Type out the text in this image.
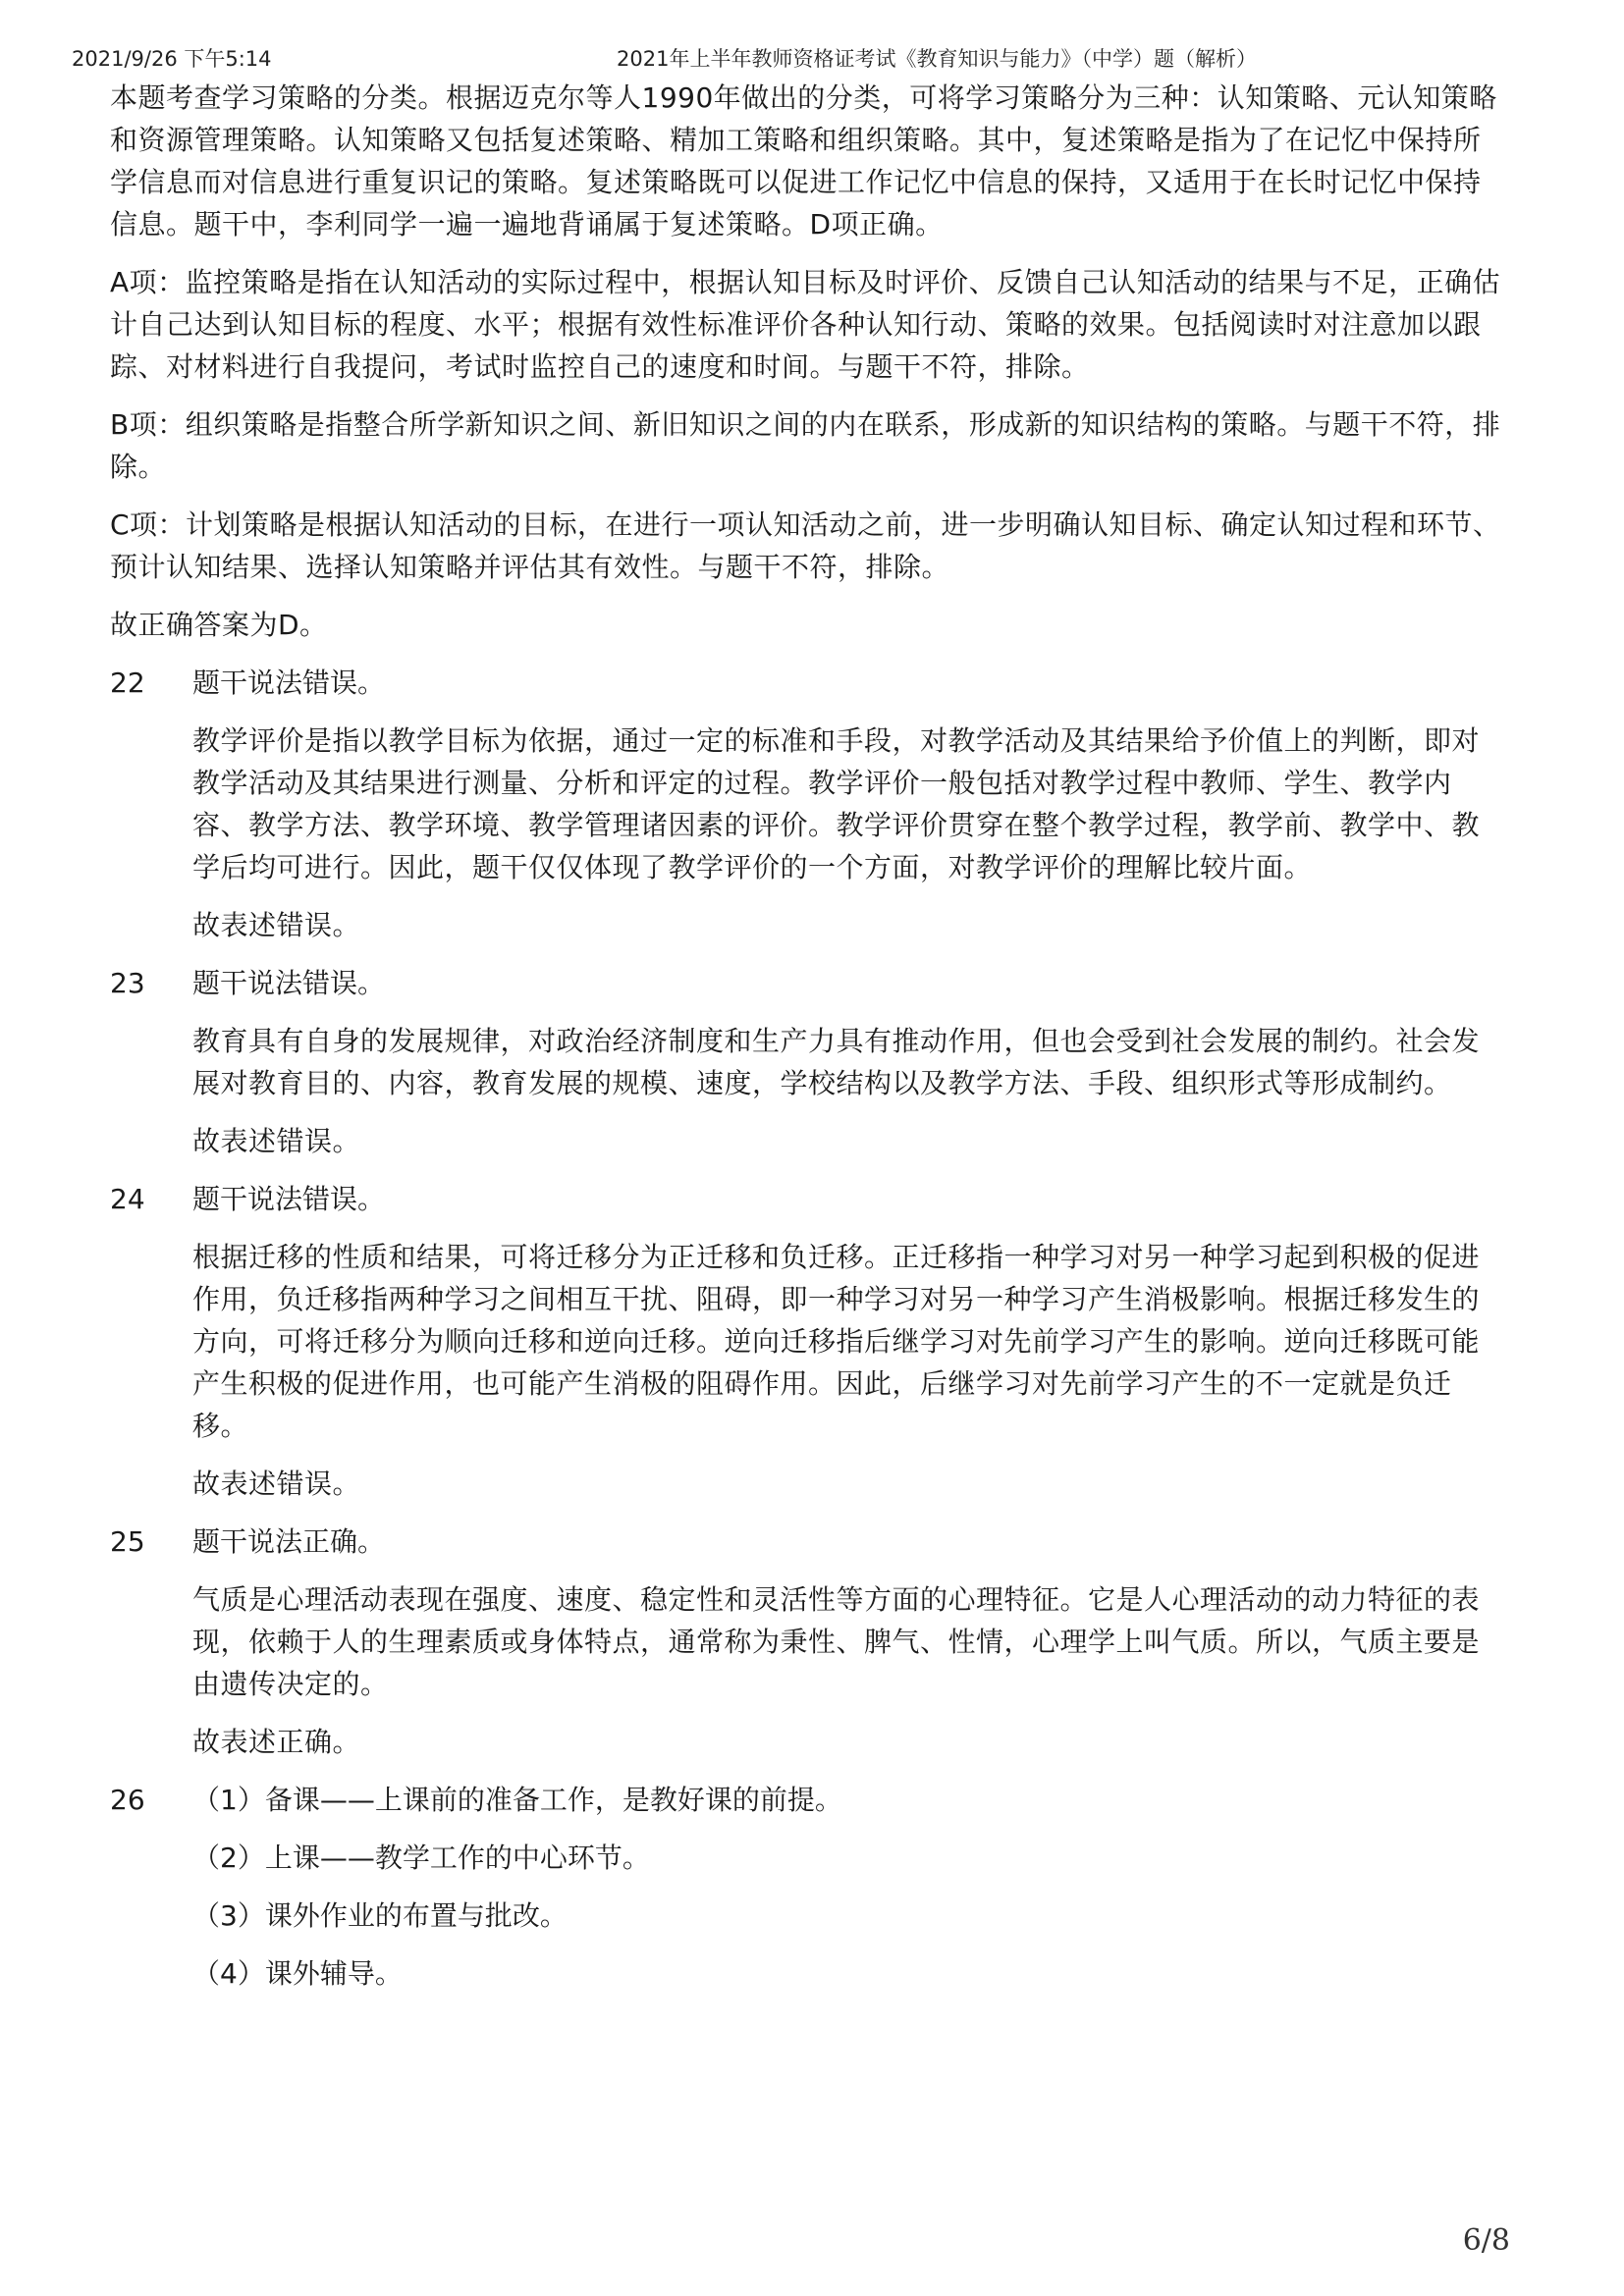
2021/9/26 下午5:14	2021年上半年教师资格证考试《教育知识与能力》（中学）题（解析）

本题考查学习策略的分类。根据迈克尔等人1990年做出的分类，可将学习策略分为三种：认知策略、元认知策略和资源管理策略。认知策略又包括复述策略、精加工策略和组织策略。其中，复述策略是指为了在记忆中保持所学信息而对信息进行重复识记的策略。复述策略既可以促进工作记忆中信息的保持，又适用于在长时记忆中保持信息。题干中，李利同学一遍一遍地背诵属于复述策略。D项正确。

A项：监控策略是指在认知活动的实际过程中，根据认知目标及时评价、反馈自己认知活动的结果与不足，正确估计自己达到认知目标的程度、水平；根据有效性标准评价各种认知行动、策略的效果。包括阅读时对注意加以跟踪、对材料进行自我提问，考试时监控自己的速度和时间。与题干不符，排除。

B项：组织策略是指整合所学新知识之间、新旧知识之间的内在联系，形成新的知识结构的策略。与题干不符，排除。

C项：计划策略是根据认知活动的目标，在进行一项认知活动之前，进一步明确认知目标、确定认知过程和环节、预计认知结果、选择认知策略并评估其有效性。与题干不符，排除。

故正确答案为D。

22	题干说法错误。

教学评价是指以教学目标为依据，通过一定的标准和手段，对教学活动及其结果给予价值上的判断，即对教学活动及其结果进行测量、分析和评定的过程。教学评价一般包括对教学过程中教师、学生、教学内容、教学方法、教学环境、教学管理诸因素的评价。教学评价贯穿在整个教学过程，教学前、教学中、教学后均可进行。因此，题干仅仅体现了教学评价的一个方面，对教学评价的理解比较片面。

故表述错误。

23	题干说法错误。

教育具有自身的发展规律，对政治经济制度和生产力具有推动作用，但也会受到社会发展的制约。社会发展对教育目的、内容，教育发展的规模、速度，学校结构以及教学方法、手段、组织形式等形成制约。

故表述错误。

24	题干说法错误。

根据迁移的性质和结果，可将迁移分为正迁移和负迁移。正迁移指一种学习对另一种学习起到积极的促进作用，负迁移指两种学习之间相互干扰、阻碍，即一种学习对另一种学习产生消极影响。根据迁移发生的方向，可将迁移分为顺向迁移和逆向迁移。逆向迁移指后继学习对先前学习产生的影响。逆向迁移既可能产生积极的促进作用，也可能产生消极的阻碍作用。因此，后继学习对先前学习产生的不一定就是负迁移。

故表述错误。

25	题干说法正确。

气质是心理活动表现在强度、速度、稳定性和灵活性等方面的心理特征。它是人心理活动的动力特征的表现，依赖于人的生理素质或身体特点，通常称为秉性、脾气、性情，心理学上叫气质。所以，气质主要是由遗传决定的。

故表述正确。

26	（1）备课——上课前的准备工作，是教好课的前提。
（2）上课——教学工作的中心环节。
（3）课外作业的布置与批改。
（4）课外辅导。
6/8
